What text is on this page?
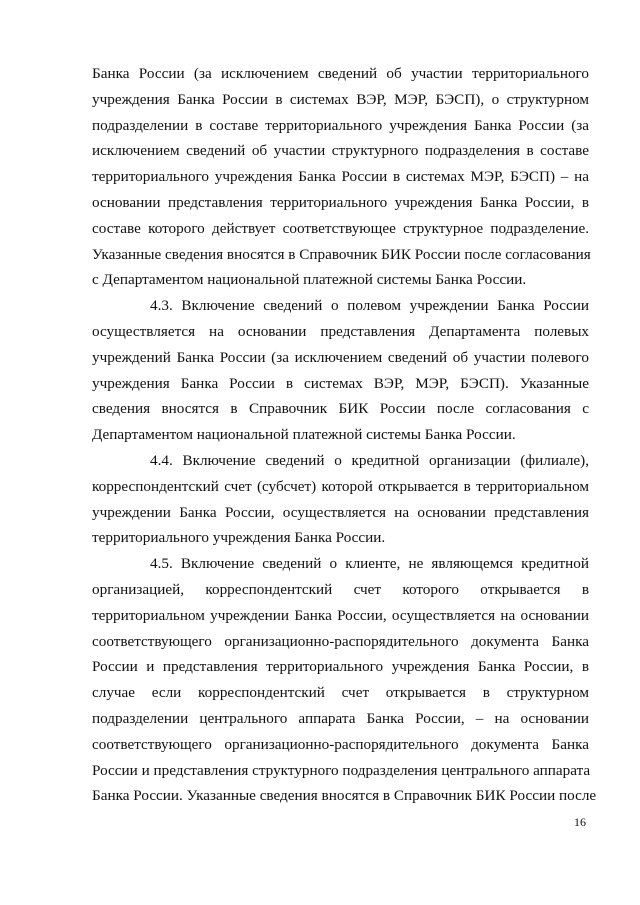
Банка России (за исключением сведений об участии территориального
учреждения Банка России в системах ВЭР, МЭР, БЭСП), о структурном
подразделении в составе территориального учреждения Банка России (за
исключением сведений об участии структурного подразделения в составе
территориального учреждения Банка России в системах МЭР, БЭСП) – на
основании представления территориального учреждения Банка России, в
составе которого действует соответствующее структурное подразделение.
Указанные сведения вносятся в Справочник БИК России после согласования
с Департаментом национальной платежной системы Банка России.
4.3. Включение сведений о полевом учреждении Банка России
осуществляется на основании представления Департамента полевых
учреждений Банка России (за исключением сведений об участии полевого
учреждения Банка России в системах ВЭР, МЭР, БЭСП). Указанные
сведения вносятся в Справочник БИК России после согласования с
Департаментом национальной платежной системы Банка России.
4.4. Включение сведений о кредитной организации (филиале),
корреспондентский счет (субсчет) которой открывается в территориальном
учреждении Банка России, осуществляется на основании представления
территориального учреждения Банка России.
4.5. Включение сведений о клиенте, не являющемся кредитной
организацией, корреспондентский счет которого открывается в
территориальном учреждении Банка России, осуществляется на основании
соответствующего организационно-распорядительного документа Банка
России и представления территориального учреждения Банка России, в
случае если корреспондентский счет открывается в структурном
подразделении центрального аппарата Банка России, – на основании
соответствующего организационно-распорядительного документа Банка
России и представления структурного подразделения центрального аппарата
Банка России. Указанные сведения вносятся в Справочник БИК России после
16
